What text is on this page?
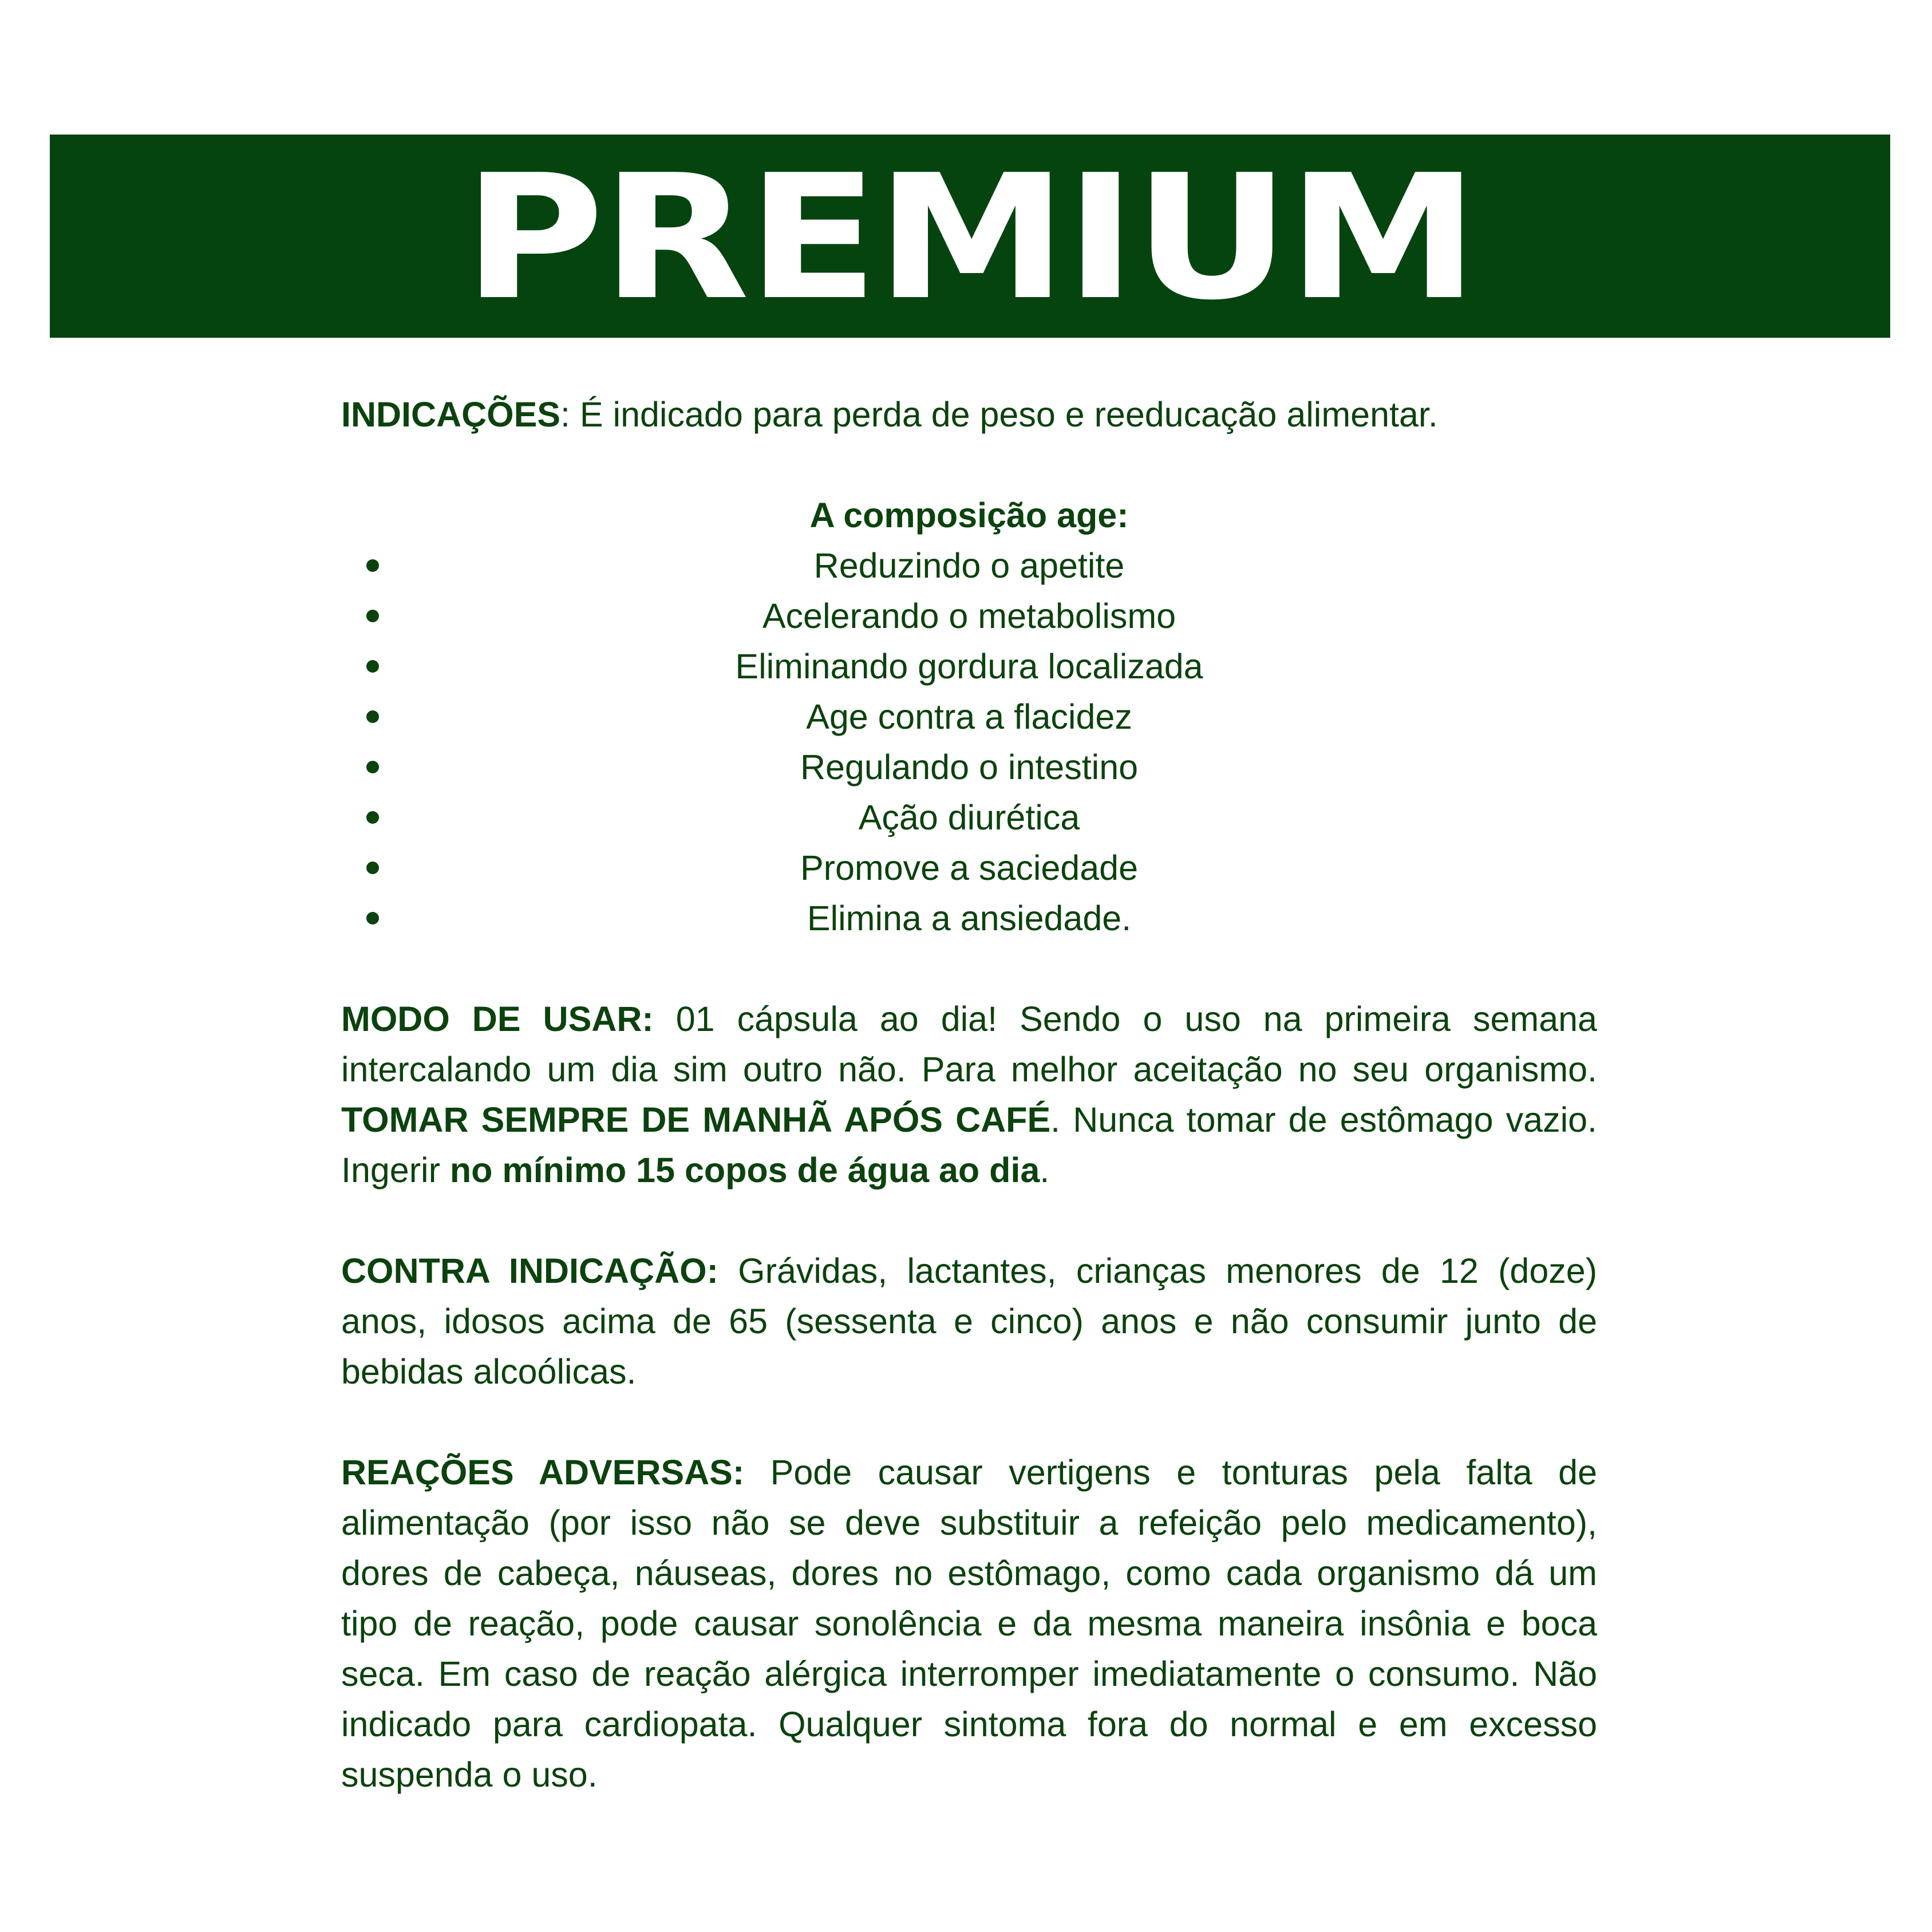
PREMIUM

INDICAÇÕES: É indicado para perda de peso e reeducação alimentar.

A composição age:

Reduzindo o apetite
Acelerando o metabolismo
Eliminando gordura localizada
Age contra a flacidez
Regulando o intestino
Ação diurética
Promove a saciedade
Elimina a ansiedade.

MODO DE USAR: 01 cápsula ao dia! Sendo o uso na primeira semana intercalando um dia sim outro não. Para melhor aceitação no seu organismo. TOMAR SEMPRE DE MANHÃ APÓS CAFÉ. Nunca tomar de estômago vazio. Ingerir no mínimo 15 copos de água ao dia.

CONTRA INDICAÇÃO: Grávidas, lactantes, crianças menores de 12 (doze) anos, idosos acima de 65 (sessenta e cinco) anos e não consumir junto de bebidas alcoólicas.

REAÇÕES ADVERSAS: Pode causar vertigens e tonturas pela falta de alimentação (por isso não se deve substituir a refeição pelo medicamento), dores de cabeça, náuseas, dores no estômago, como cada organismo dá um tipo de reação, pode causar sonolência e da mesma maneira insônia e boca seca. Em caso de reação alérgica interromper imediatamente o consumo. Não indicado para cardiopata. Qualquer sintoma fora do normal e em excesso suspenda o uso.
